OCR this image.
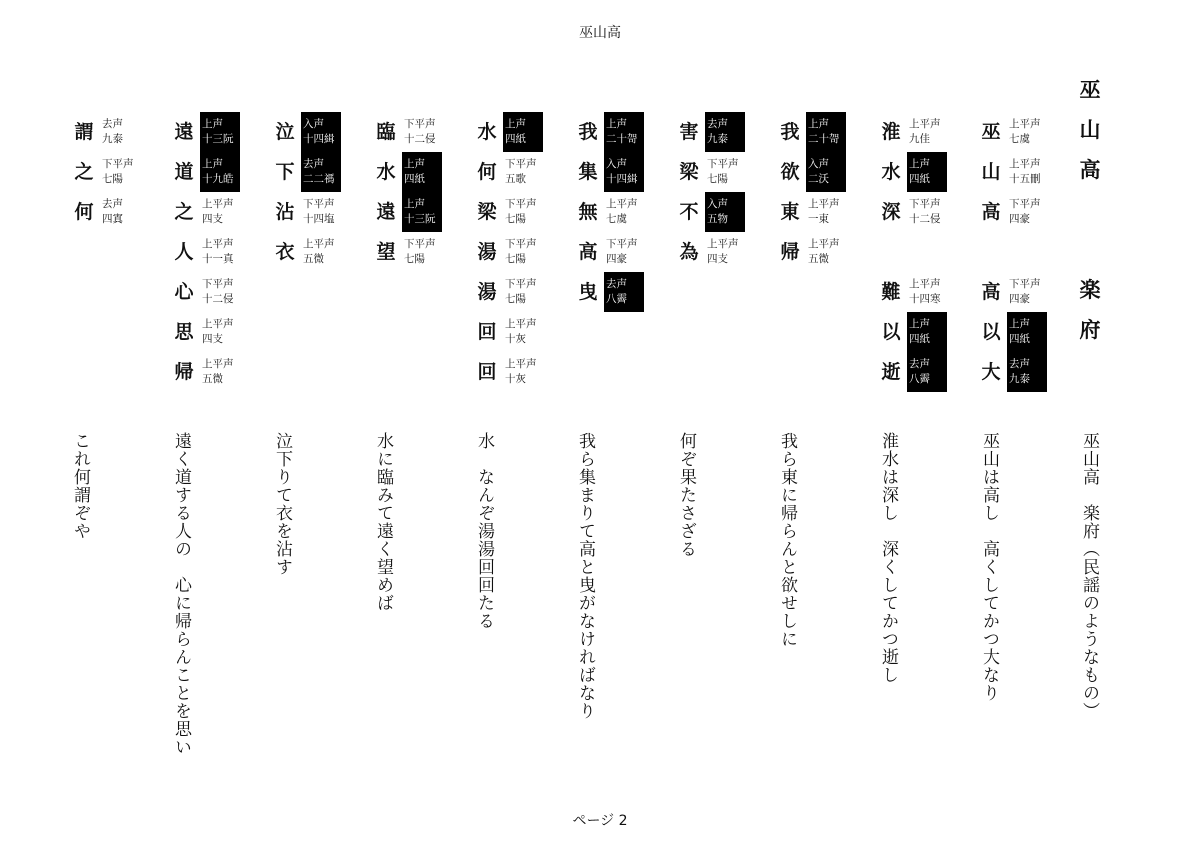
巫山高
巫
山
高
楽
府
巫 上平声
七虞
山 上平声
十五刪
高 下平声
四豪
高 下平声
四豪
以 上声
四紙
大 去声
九泰
淮 上平声
九佳
水 上声
四紙
深 下平声
十二侵
難 上平声
十四寒
以 上声
四紙
逝 去声
八霽
我 上声
二十哿
欲 入声
二沃
東 上平声
一東
帰 上平声
五微
害 去声
九泰
梁 下平声
七陽
不 入声
五物
為 上平声
四支
我 上声
二十哿
集 入声
十四緝
無 上平声
七虞
高 下平声
四豪
曳 去声
八霽
水 上声
四紙
何 下平声
五歌
梁 下平声
七陽
湯 下平声
七陽
湯 下平声
七陽
回 上平声
十灰
回 上平声
十灰
臨 下平声
十二侵
水 上声
四紙
遠 上声
十三阮
望 下平声
七陽
泣 入声
十四緝
下 去声
二二禡
沾 下平声
十四塩
衣 上平声
五微
遠 上声
十三阮
道 上声
十九皓
之 上平声
四支
人 上平声
十一真
心 下平声
十二侵
思 上平声
四支
帰 上平声
五微
謂 去声
九泰
之 下平声
七陽
何 去声
四寘
巫山高　楽府（民謡のようなもの）
巫山は高し　高くしてかつ大なり
淮水は深し　深くしてかつ逝し
我ら東に帰らんと欲せしに
何ぞ果たさざる
我ら集まりて高と曳がなければなり
水　なんぞ湯湯回回たる
水に臨みて遠く望めば
泣下りて衣を沾す
遠く道する人の　心に帰らんことを思い
これ何謂ぞや
ページ 2
